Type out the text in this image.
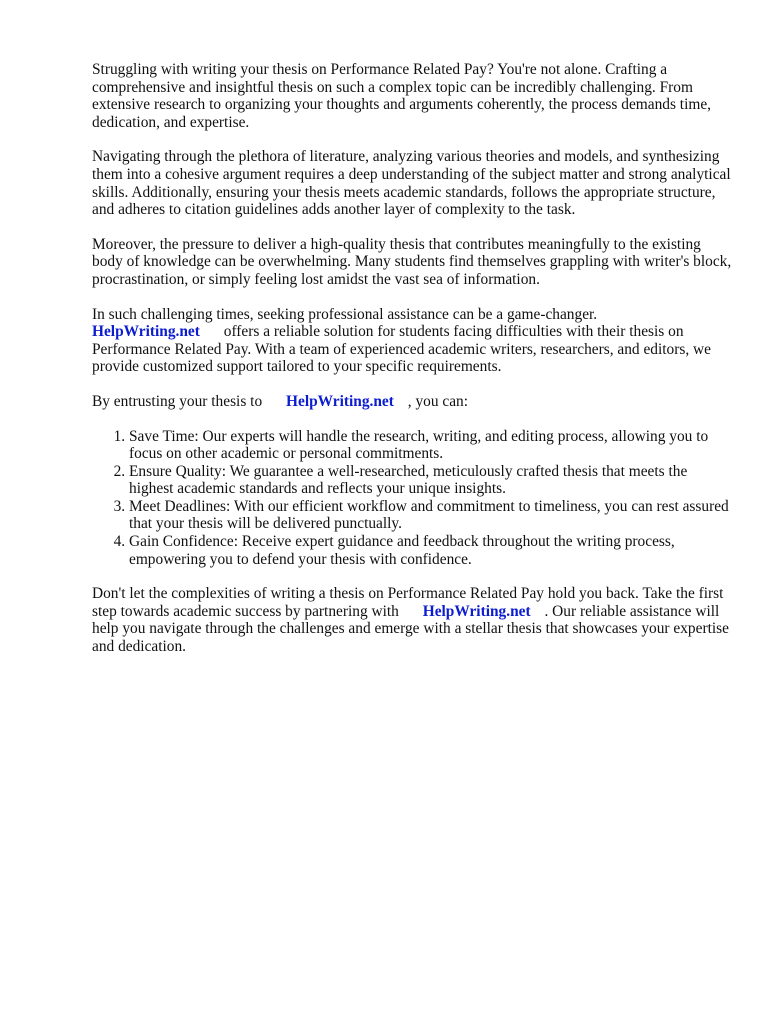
Struggling with writing your thesis on Performance Related Pay? You're not alone. Crafting a comprehensive and insightful thesis on such a complex topic can be incredibly challenging. From extensive research to organizing your thoughts and arguments coherently, the process demands time, dedication, and expertise.

Navigating through the plethora of literature, analyzing various theories and models, and synthesizing them into a cohesive argument requires a deep understanding of the subject matter and strong analytical skills. Additionally, ensuring your thesis meets academic standards, follows the appropriate structure, and adheres to citation guidelines adds another layer of complexity to the task.

Moreover, the pressure to deliver a high-quality thesis that contributes meaningfully to the existing body of knowledge can be overwhelming. Many students find themselves grappling with writer's block, procrastination, or simply feeling lost amidst the vast sea of information.

In such challenging times, seeking professional assistance can be a game-changer.
HelpWriting.net offers a reliable solution for students facing difficulties with their thesis on Performance Related Pay. With a team of experienced academic writers, researchers, and editors, we provide customized support tailored to your specific requirements.

By entrusting your thesis to HelpWriting.net , you can:

1. Save Time: Our experts will handle the research, writing, and editing process, allowing you to focus on other academic or personal commitments.
2. Ensure Quality: We guarantee a well-researched, meticulously crafted thesis that meets the highest academic standards and reflects your unique insights.
3. Meet Deadlines: With our efficient workflow and commitment to timeliness, you can rest assured that your thesis will be delivered punctually.
4. Gain Confidence: Receive expert guidance and feedback throughout the writing process, empowering you to defend your thesis with confidence.

Don't let the complexities of writing a thesis on Performance Related Pay hold you back. Take the first step towards academic success by partnering with HelpWriting.net . Our reliable assistance will help you navigate through the challenges and emerge with a stellar thesis that showcases your expertise and dedication.
